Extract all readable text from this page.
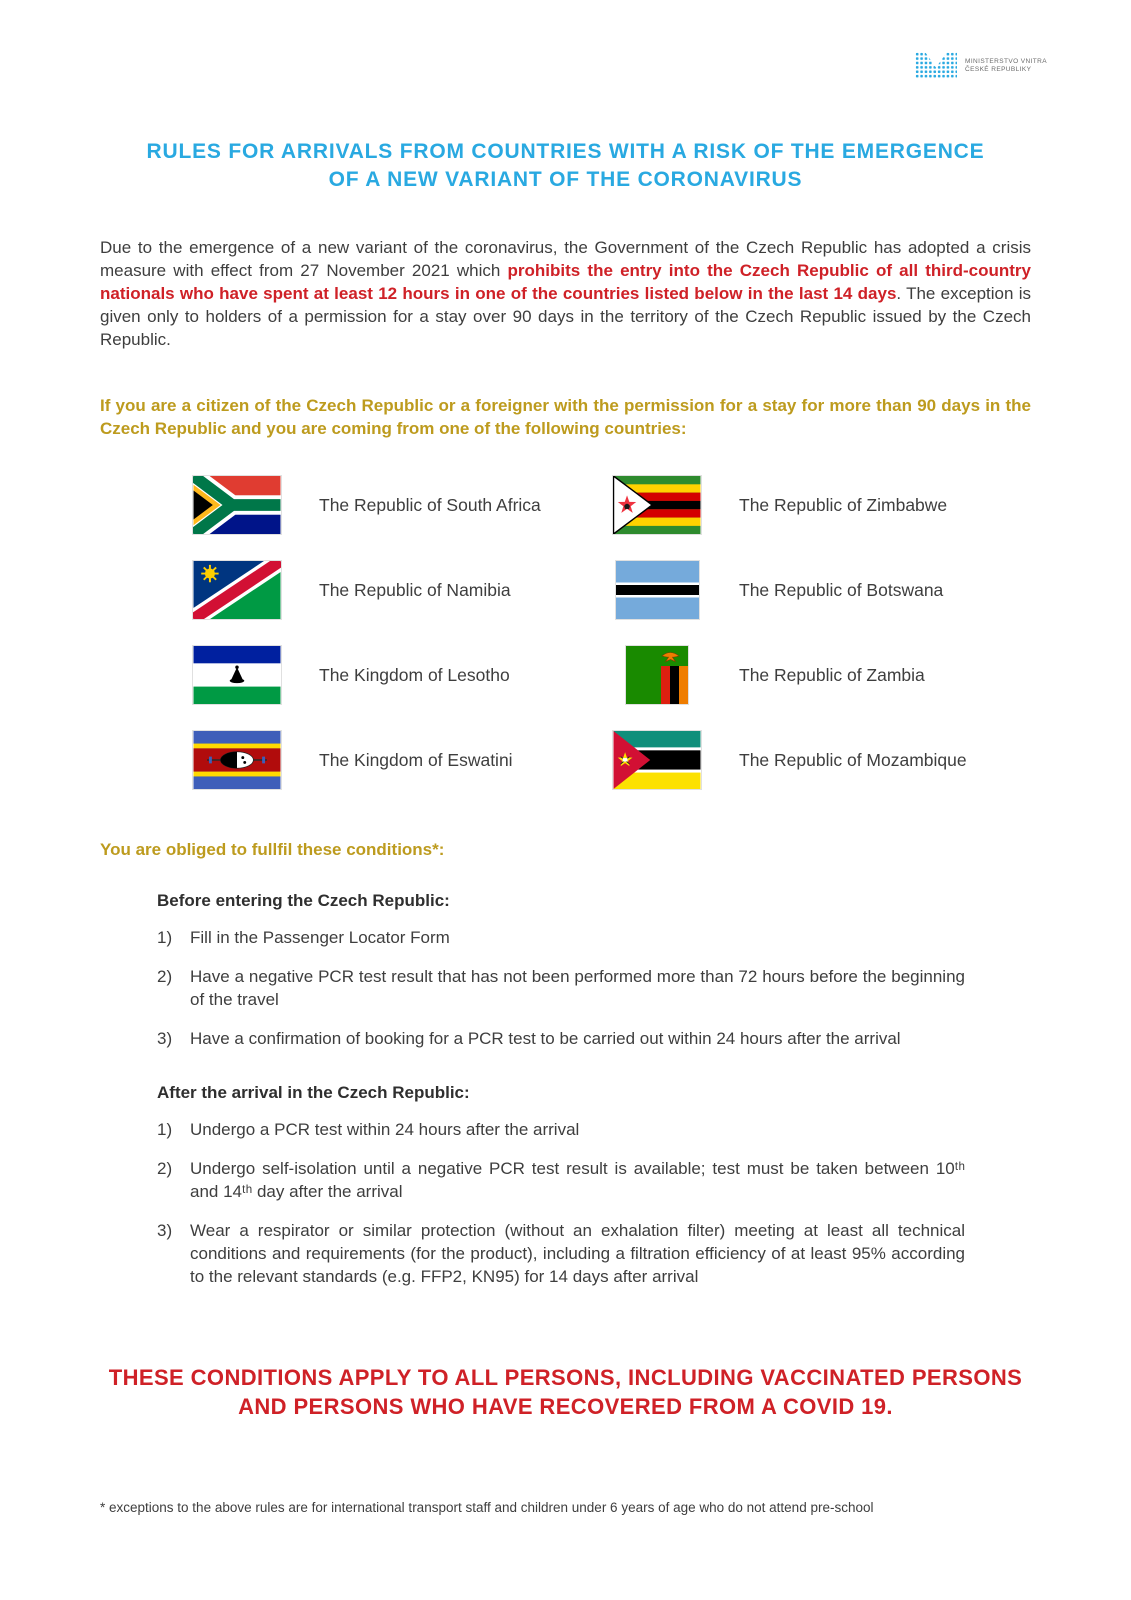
MINISTERSTVO VNITRA
ČESKÉ REPUBLIKY
RULES FOR ARRIVALS FROM COUNTRIES WITH A RISK OF THE EMERGENCE
OF A NEW VARIANT OF THE CORONAVIRUS

Due to the emergence of a new variant of the coronavirus, the Government of the Czech Republic has adopted a crisis measure with effect from 27 November 2021 which prohibits the entry into the Czech Republic of all third-country nationals who have spent at least 12 hours in one of the countries listed below in the last 14 days. The exception is given only to holders of a permission for a stay over 90 days in the territory of the Czech Republic issued by the Czech Republic.

If you are a citizen of the Czech Republic or a foreigner with the permission for a stay for more than 90 days in the Czech Republic and you are coming from one of the following countries:

The Republic of South Africa	The Republic of Zimbabwe
The Republic of Namibia	The Republic of Botswana
The Kingdom of Lesotho	The Republic of Zambia
The Kingdom of Eswatini	The Republic of Mozambique

You are obliged to fullfil these conditions*:

Before entering the Czech Republic:

1)	Fill in the Passenger Locator Form
2)	Have a negative PCR test result that has not been performed more than 72 hours before the beginning of the travel
3)	Have a confirmation of booking for a PCR test to be carried out within 24 hours after the arrival

After the arrival in the Czech Republic:

1)	Undergo a PCR test within 24 hours after the arrival
2)	Undergo self-isolation until a negative PCR test result is available; test must be taken between 10ᵗʰ and 14ᵗʰ day after the arrival
3)	Wear a respirator or similar protection (without an exhalation filter) meeting at least all technical conditions and requirements (for the product), including a filtration efficiency of at least 95% according to the relevant standards (e.g. FFP2, KN95) for 14 days after arrival
THESE CONDITIONS APPLY TO ALL PERSONS, INCLUDING VACCINATED PERSONS
AND PERSONS WHO HAVE RECOVERED FROM A COVID 19.

* exceptions to the above rules are for international transport staff and children under 6 years of age who do not attend pre-school
